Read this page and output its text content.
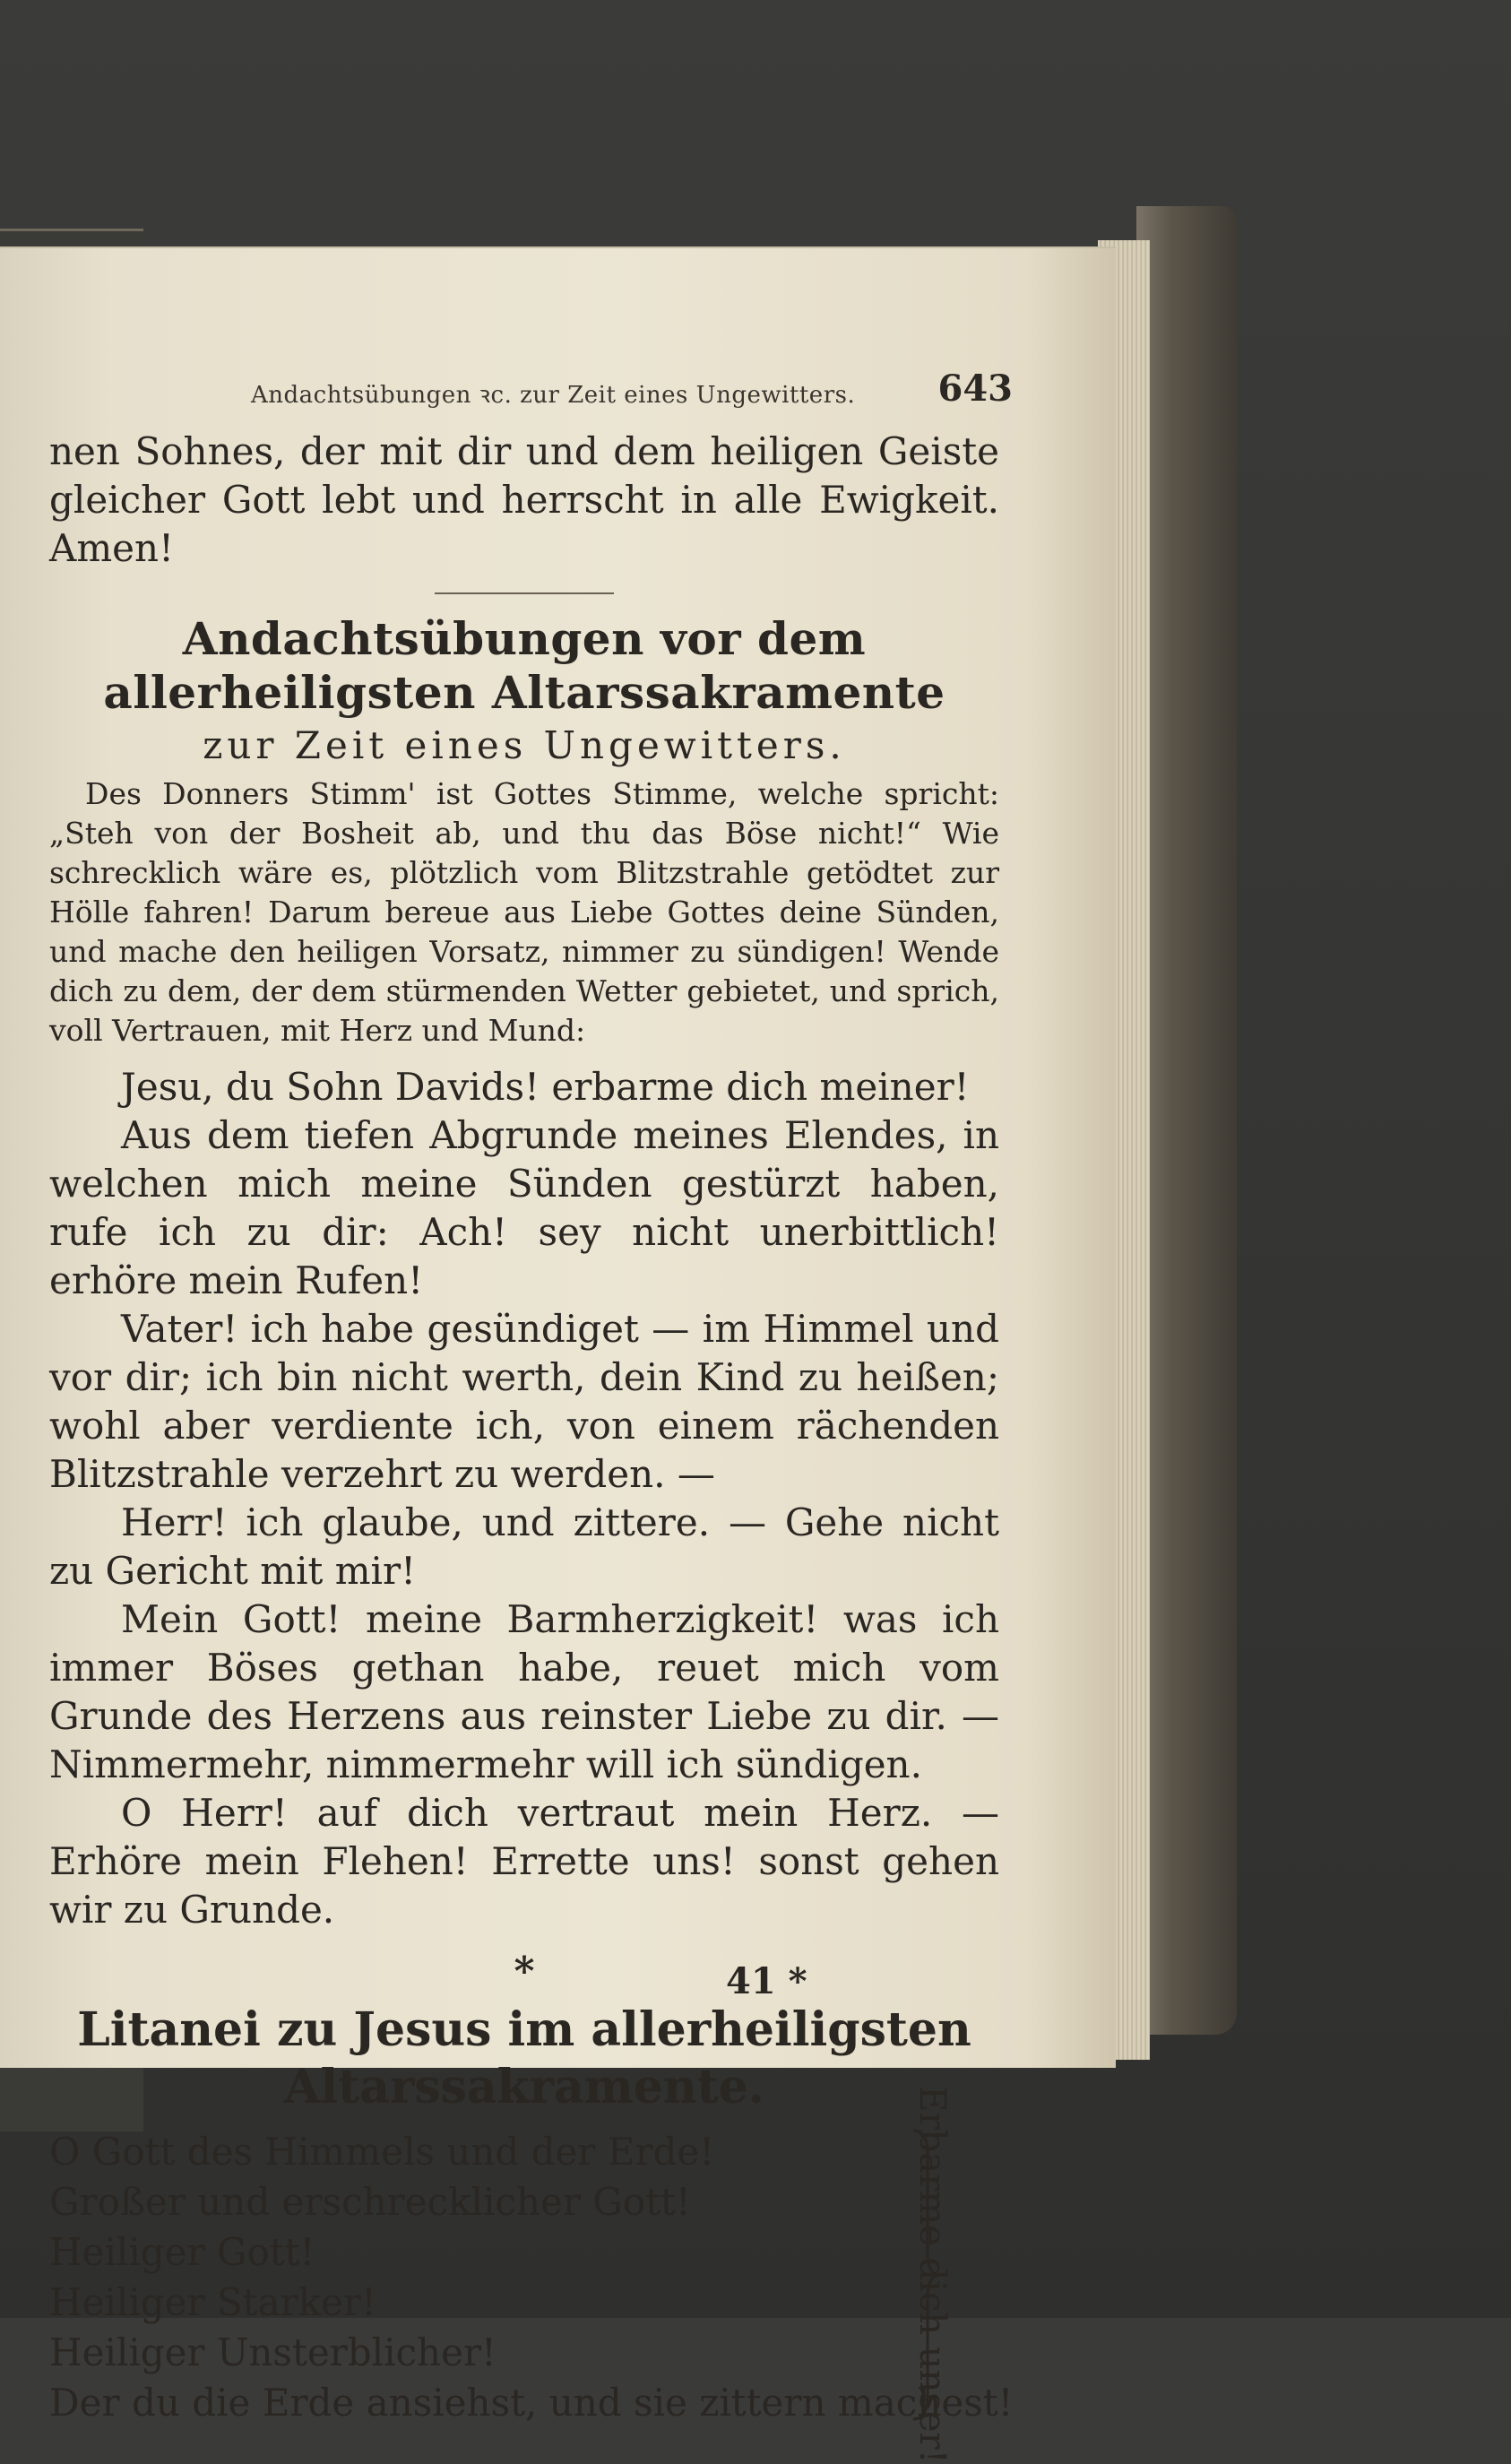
Andachtsübungen ꝛc. zur Zeit eines Ungewitters. 643

nen Sohnes, der mit dir und dem heiligen Geiste gleicher Gott lebt und herrscht in alle Ewigkeit. Amen!

Andachtsübungen vor dem allerheiligsten Altarssakramente
zur Zeit eines Ungewitters.

Des Donners Stimm' ist Gottes Stimme, welche spricht: „Steh von der Bosheit ab, und thu das Böse nicht!“ Wie schrecklich wäre es, plötzlich vom Blitzstrahle getödtet zur Hölle fahren! Darum bereue aus Liebe Gottes deine Sünden, und mache den heiligen Vorsatz, nimmer zu sündigen! Wende dich zu dem, der dem stürmenden Wetter gebietet, und sprich, voll Vertrauen, mit Herz und Mund:

Jesu, du Sohn Davids! erbarme dich meiner!

Aus dem tiefen Abgrunde meines Elendes, in welchen mich meine Sünden gestürzt haben, rufe ich zu dir: Ach! sey nicht unerbittlich! erhöre mein Rufen!

Vater! ich habe gesündiget — im Himmel und vor dir; ich bin nicht werth, dein Kind zu heißen; wohl aber verdiente ich, von einem rächenden Blitzstrahle verzehrt zu werden. —

Herr! ich glaube, und zittere. — Gehe nicht zu Gericht mit mir!

Mein Gott! meine Barmherzigkeit! was ich immer Böses gethan habe, reuet mich vom Grunde des Herzens aus reinster Liebe zu dir. — Nimmermehr, nimmermehr will ich sündigen.

O Herr! auf dich vertraut mein Herz. — Erhöre mein Flehen! Errette uns! sonst gehen wir zu Grunde.

*
Litanei zu Jesus im allerheiligsten Altarssakramente.

O Gott des Himmels und der Erde!

Großer und erschrecklicher Gott!

Heiliger Gott!

Heiliger Starker!

Heiliger Unsterblicher!

Der du die Erde ansiehst, und sie zittern machest!

Erbarme dich unser!
41 *
